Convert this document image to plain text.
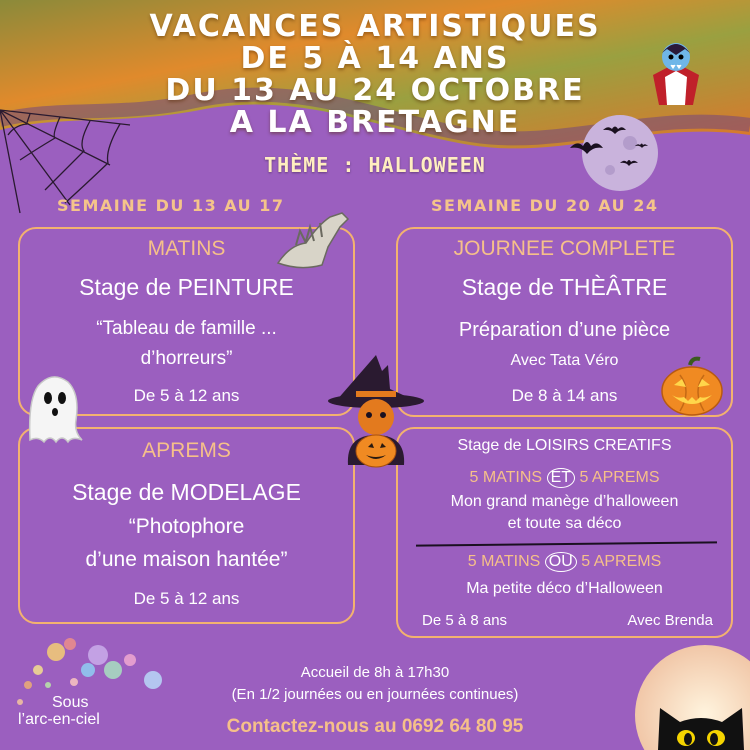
VACANCES ARTISTIQUES
DE 5 À 14 ANS
DU 13 AU 24 OCTOBRE
A LA BRETAGNE
THÈME : HALLOWEEN
SEMAINE DU 13 AU 17	SEMAINE DU 20 AU 24
MATINS
Stage de PEINTURE
“Tableau de famille ...
d’horreurs”
De 5 à 12 ans
APREMS
Stage de MODELAGE
“Photophore
d’une maison hantée”
De 5 à 12 ans
JOURNEE COMPLETE
Stage de THÈÂTRE
Préparation d’une pièce
Avec Tata Véro
De 8 à 14 ans
Stage de LOISIRS CREATIFS
5 MATINS ET 5 APREMS
Mon grand manège d’halloween
et toute sa déco
5 MATINS OU 5 APREMS
Ma petite déco d’Halloween
De 5 à 8 ans	Avec Brenda
Sous
l’arc-en-ciel
Accueil de 8h à 17h30
(En 1/2 journées ou en journées continues)
Contactez-nous au 0692 64 80 95
